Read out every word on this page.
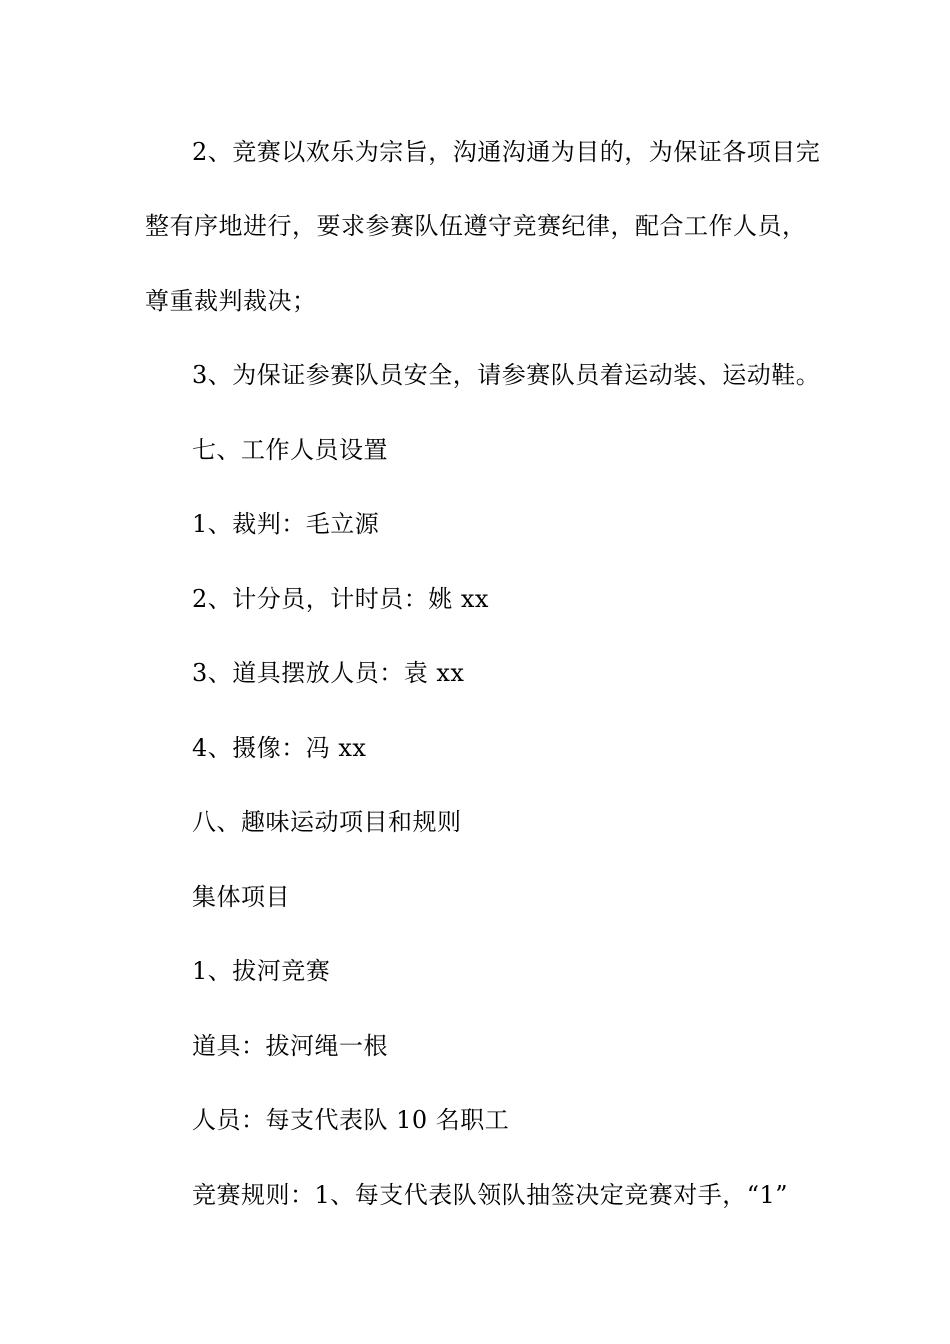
2、竞赛以欢乐为宗旨，沟通沟通为目的，为保证各项目完
整有序地进行，要求参赛队伍遵守竞赛纪律，配合工作人员，
尊重裁判裁决；
3、为保证参赛队员安全，请参赛队员着运动装、运动鞋。
七、工作人员设置
1、裁判：毛立源
2、计分员，计时员：姚 xx
3、道具摆放人员：袁 xx
4、摄像：冯 xx
八、趣味运动项目和规则
集体项目
1、拔河竞赛
道具：拔河绳一根
人员：每支代表队 10 名职工
竞赛规则：1、每支代表队领队抽签决定竞赛对手，“1”
